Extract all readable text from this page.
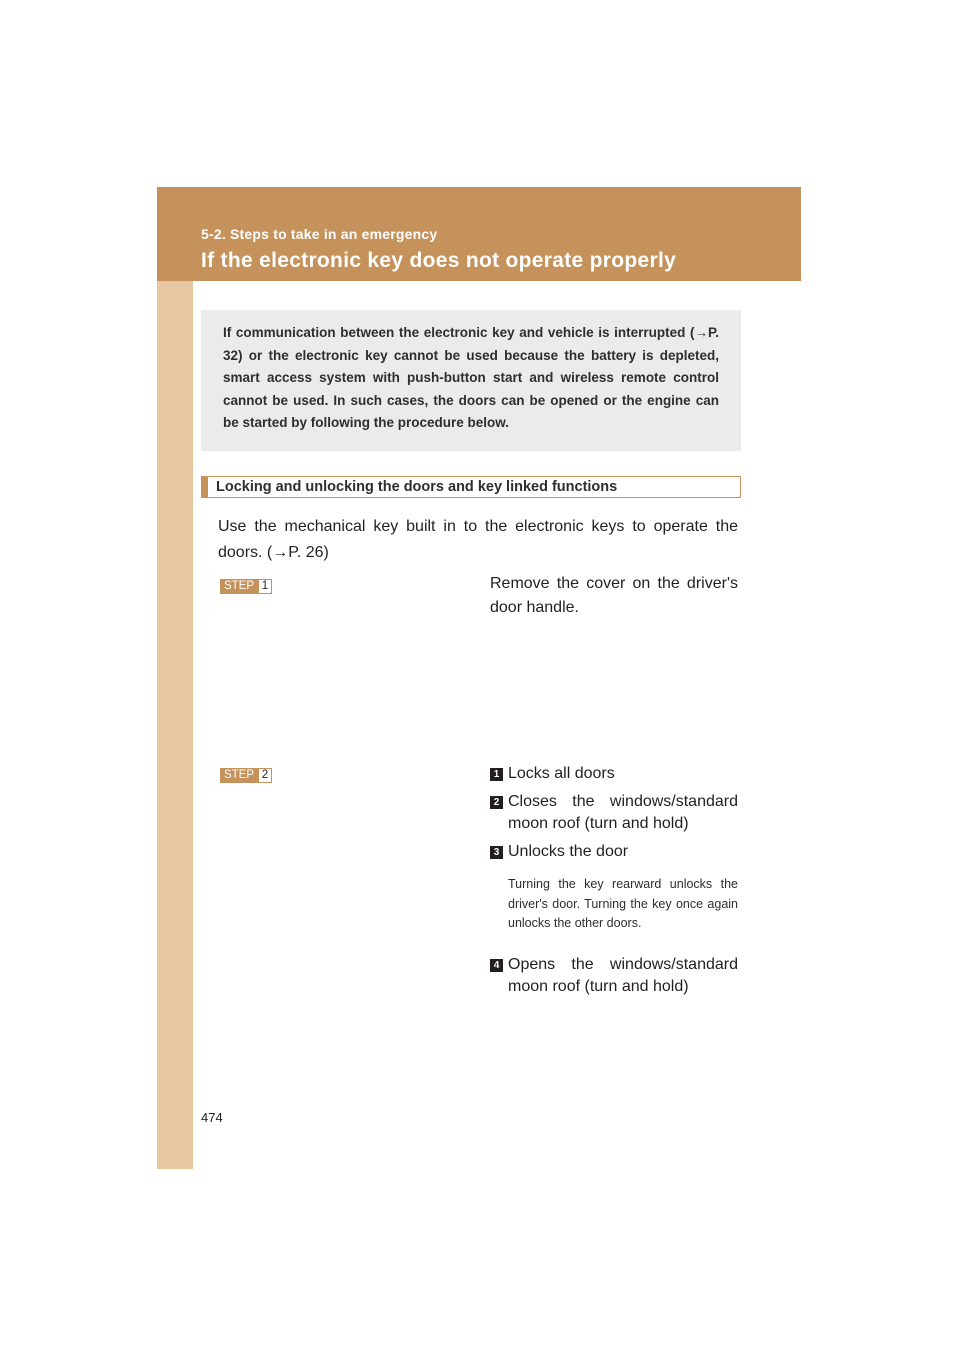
5-2. Steps to take in an emergency
If the electronic key does not operate properly

If communication between the electronic key and vehicle is interrupted (→P. 32) or the electronic key cannot be used because the battery is depleted, smart access system with push-button start and wireless remote control cannot be used. In such cases, the doors can be opened or the engine can be started by following the procedure below.

Locking and unlocking the doors and key linked functions

Use the mechanical key built in to the electronic keys to operate the doors. (→P. 26)

STEP 1	Remove the cover on the driver's door handle.

STEP 2	1 Locks all doors
2 Closes the windows/standard moon roof (turn and hold)
3 Unlocks the door
Turning the key rearward unlocks the driver's door. Turning the key once again unlocks the other doors.
4 Opens the windows/standard moon roof (turn and hold)
474
